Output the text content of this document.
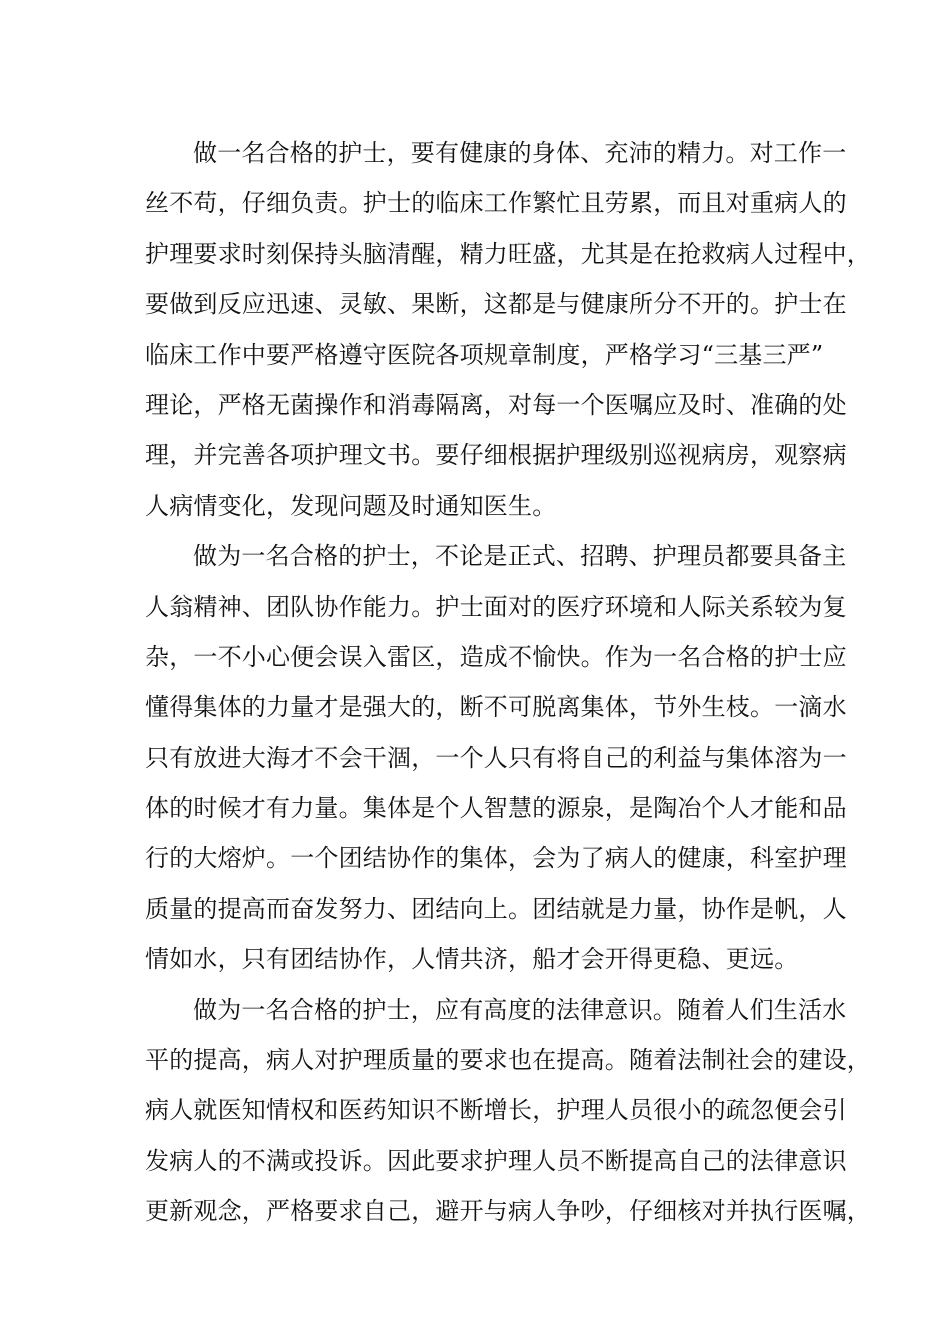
做一名合格的护士，要有健康的身体、充沛的精力。对工作一
丝不苟，仔细负责。护士的临床工作繁忙且劳累，而且对重病人的
护理要求时刻保持头脑清醒，精力旺盛，尤其是在抢救病人过程中，
要做到反应迅速、灵敏、果断，这都是与健康所分不开的。护士在
临床工作中要严格遵守医院各项规章制度，严格学习“三基三严”
理论，严格无菌操作和消毒隔离，对每一个医嘱应及时、准确的处
理，并完善各项护理文书。要仔细根据护理级别巡视病房，观察病
人病情变化，发现问题及时通知医生。
做为一名合格的护士，不论是正式、招聘、护理员都要具备主
人翁精神、团队协作能力。护士面对的医疗环境和人际关系较为复
杂，一不小心便会误入雷区，造成不愉快。作为一名合格的护士应
懂得集体的力量才是强大的，断不可脱离集体，节外生枝。一滴水
只有放进大海才不会干涸，一个人只有将自己的利益与集体溶为一
体的时候才有力量。集体是个人智慧的源泉，是陶冶个人才能和品
行的大熔炉。一个团结协作的集体，会为了病人的健康，科室护理
质量的提高而奋发努力、团结向上。团结就是力量，协作是帆，人
情如水，只有团结协作，人情共济，船才会开得更稳、更远。
做为一名合格的护士，应有高度的法律意识。随着人们生活水
平的提高，病人对护理质量的要求也在提高。随着法制社会的建设，
病人就医知情权和医药知识不断增长，护理人员很小的疏忽便会引
发病人的不满或投诉。因此要求护理人员不断提高自己的法律意识
更新观念，严格要求自己，避开与病人争吵，仔细核对并执行医嘱，
